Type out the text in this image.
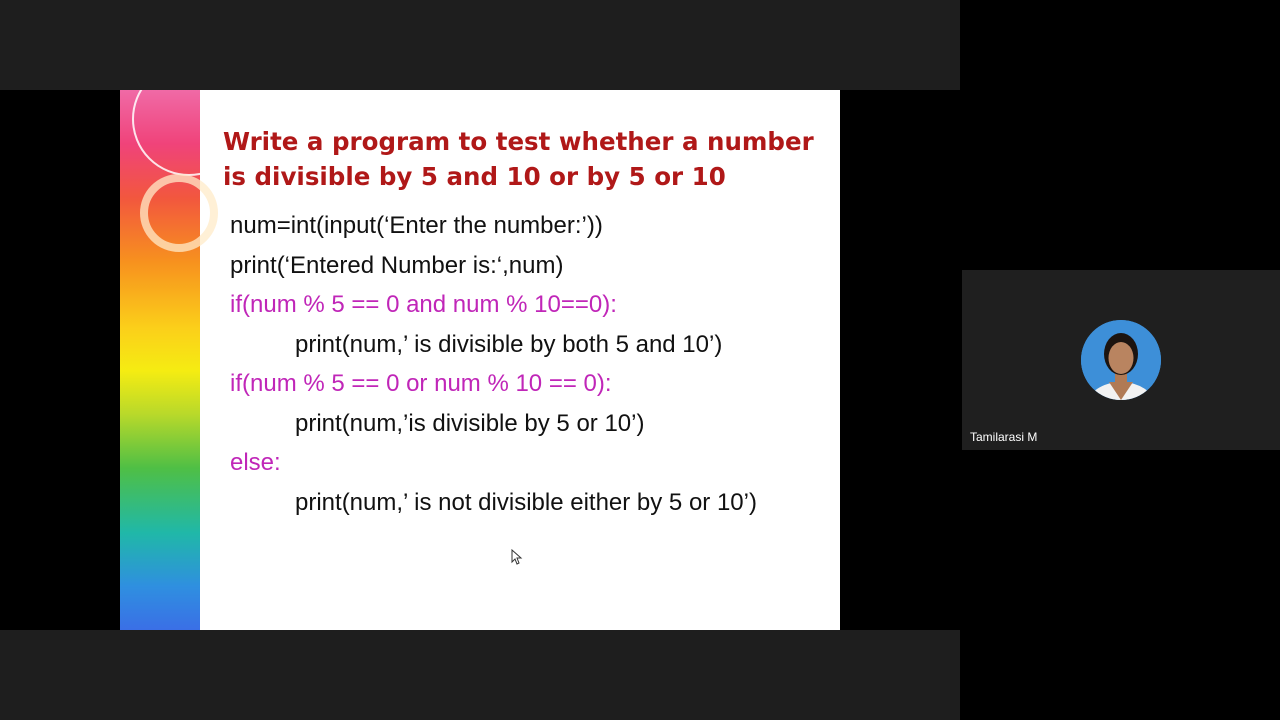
Write a program to test whether a number is divisible by 5 and 10 or by 5 or 10
num=int(input(‘Enter the number:’))
print(‘Entered Number is:‘,num)
if(num % 5 == 0 and num % 10==0):
print(num,’ is divisible by both 5 and 10’)
if(num % 5 == 0 or num % 10 == 0):
print(num,’is divisible by 5 or 10’)
else:
print(num,’ is not divisible either by 5 or 10’)
Tamilarasi M
